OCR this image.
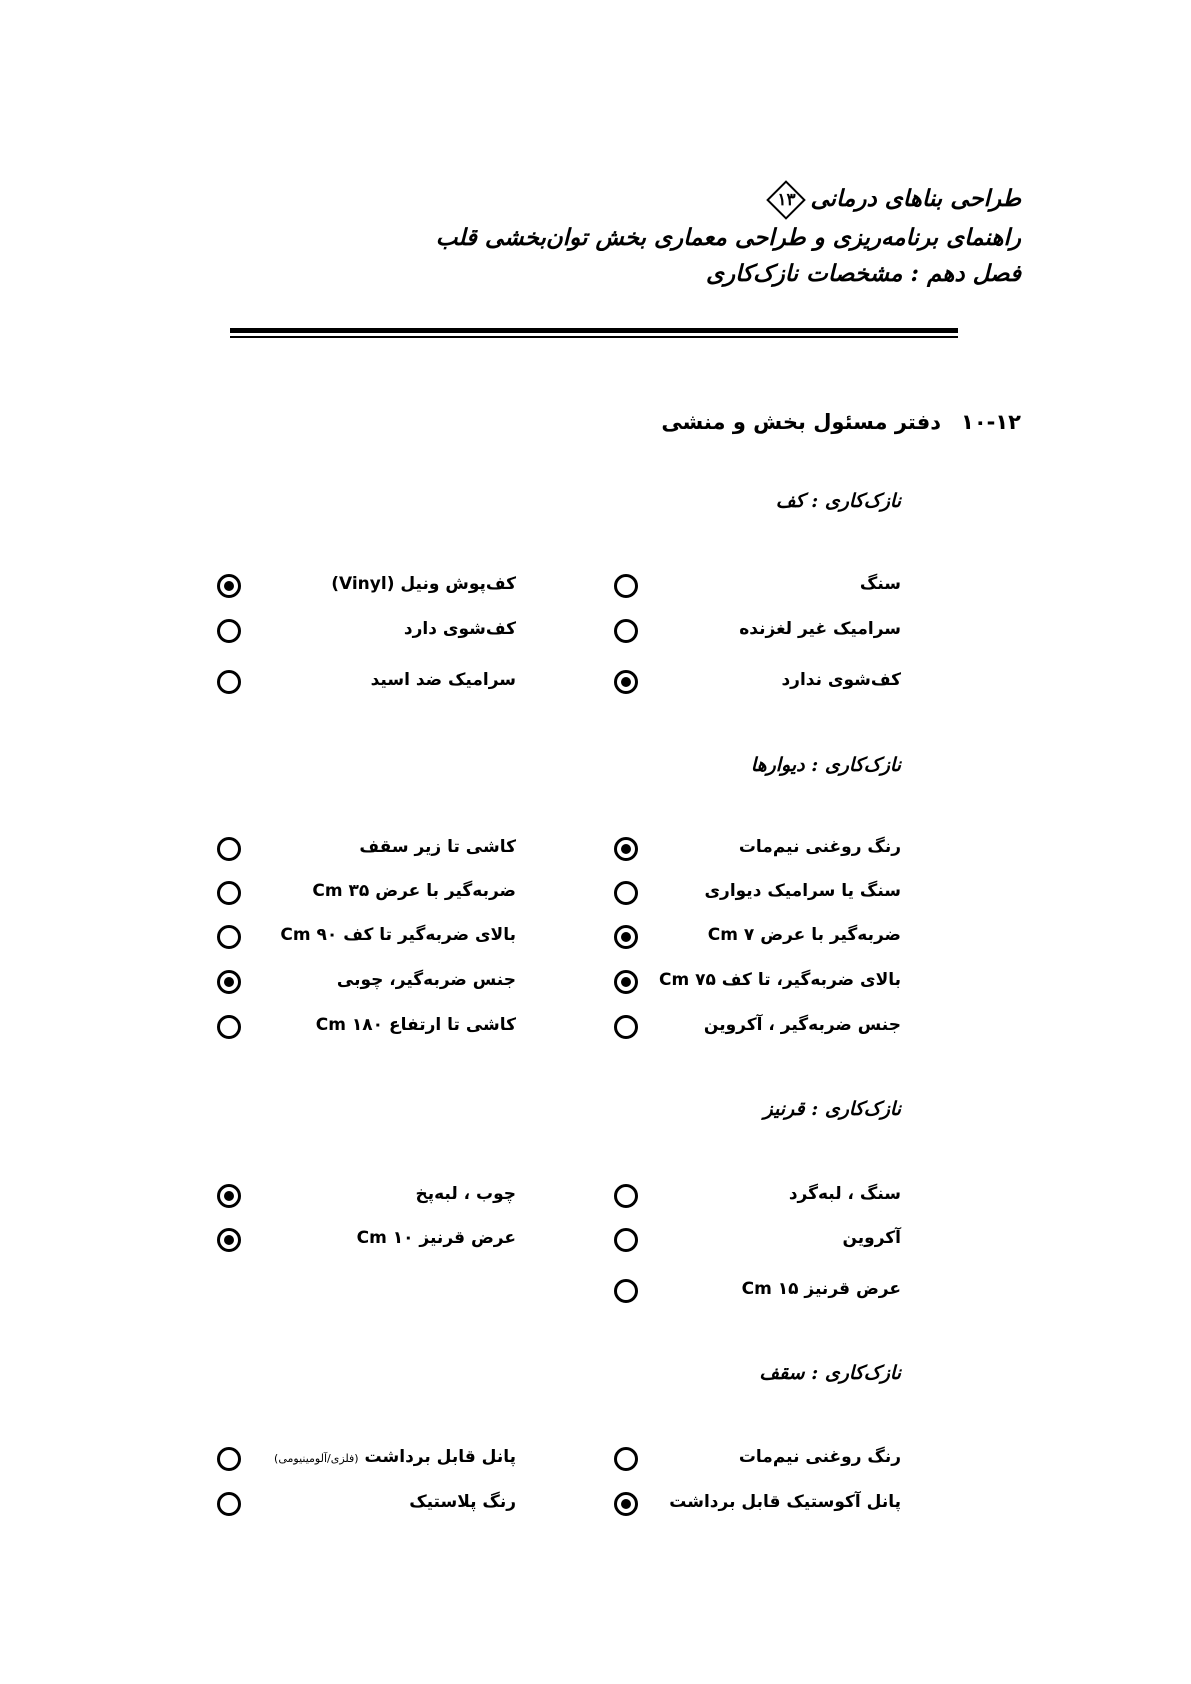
طراحی بناهای درمانی
۱۳
راهنمای برنامه‌ریزی و طراحی معماری بخش توان‌بخشی قلب
فصل دهم : مشخصات نازک‌کاری
۱۰-۱۲دفتر مسئول بخش و منشی
نازک‌کاری : کف
سنگ
سرامیک غیر لغزنده
کف‌شوی ندارد
کف‌پوش ونیل (Vinyl)
کف‌شوی دارد
سرامیک ضد اسید
نازک‌کاری : دیوارها
رنگ روغنی نیم‌مات
سنگ یا سرامیک دیواری
ضربه‌گیر با عرض ۷ Cm
بالای ضربه‌گیر، تا کف ۷۵ Cm
جنس ضربه‌گیر ، آکروین
کاشی تا زیر سقف
ضربه‌گیر با عرض ۳۵ Cm
بالای ضربه‌گیر تا کف ۹۰ Cm
جنس ضربه‌گیر، چوبی
کاشی تا ارتفاع ۱۸۰ Cm
نازک‌کاری : قرنیز
سنگ ، لبه‌گرد
آکروین
عرض قرنیز ۱۵ Cm
چوب ، لبه‌پخ
عرض قرنیز ۱۰ Cm
نازک‌کاری : سقف
رنگ روغنی نیم‌مات
پانل آکوستیک قابل برداشت
پانل قابل برداشت (فلزی/آلومینیومی)
رنگ پلاستیک
